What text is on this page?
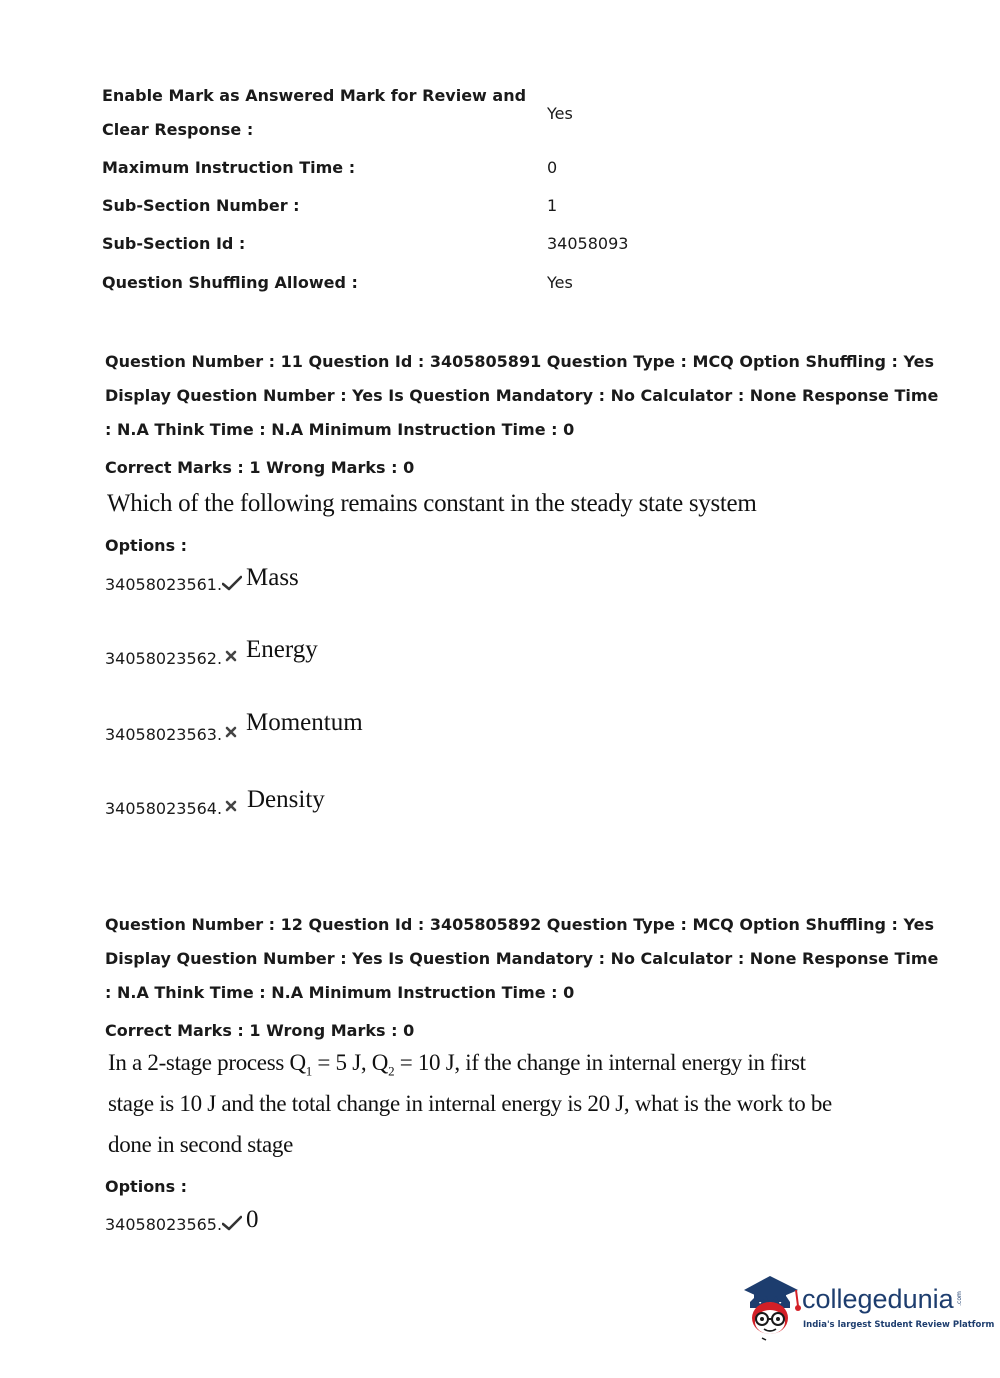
Enable Mark as Answered Mark for Review and
Clear Response :
Yes
Maximum Instruction Time :	0
Sub-Section Number :	1
Sub-Section Id :	34058093
Question Shuffling Allowed :	Yes
Question Number : 11 Question Id : 3405805891 Question Type : MCQ Option Shuffling : Yes
Display Question Number : Yes Is Question Mandatory : No Calculator : None Response Time
: N.A Think Time : N.A Minimum Instruction Time : 0
Correct Marks : 1 Wrong Marks : 0
Which of the following remains constant in the steady state system
Options :
34058023561. Mass
34058023562. Energy
34058023563. Momentum
34058023564. Density
Question Number : 12 Question Id : 3405805892 Question Type : MCQ Option Shuffling : Yes
Display Question Number : Yes Is Question Mandatory : No Calculator : None Response Time
: N.A Think Time : N.A Minimum Instruction Time : 0
Correct Marks : 1 Wrong Marks : 0
In a 2-stage process $Q_1 = 5$ J, $Q_2 = 10$ J, if the change in internal energy in first
stage is 10 J and the total change in internal energy is 20 J, what is the work to be
done in second stage
Options :
34058023565. 0
collegedunia .com
India's largest Student Review Platform
